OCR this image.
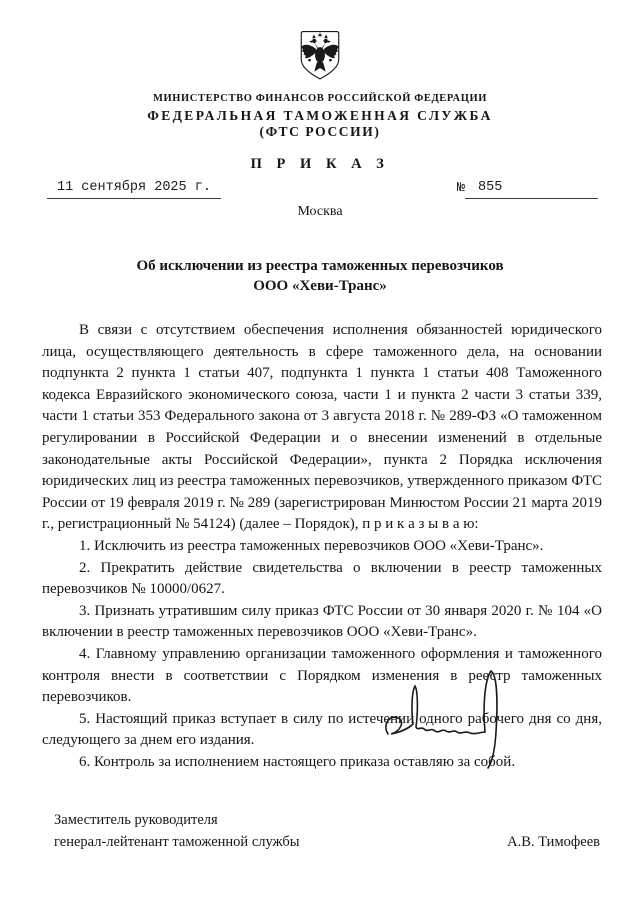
МИНИСТЕРСТВО ФИНАНСОВ РОССИЙСКОЙ ФЕДЕРАЦИИ
ФЕДЕРАЛЬНАЯ ТАМОЖЕННАЯ СЛУЖБА
(ФТС РОССИИ)
П Р И К А З
11 сентября 2025 г.	№ 855
Москва
Об исключении из реестра таможенных перевозчиков
ООО «Хеви-Транс»

В связи с отсутствием обеспечения исполнения обязанностей юридического лица, осуществляющего деятельность в сфере таможенного дела, на основании подпункта 2 пункта 1 статьи 407, подпункта 1 пункта 1 статьи 408 Таможенного кодекса Евразийского экономического союза, части 1 и пункта 2 части 3 статьи 339, части 1 статьи 353 Федерального закона от 3 августа 2018 г. № 289-ФЗ «О таможенном регулировании в Российской Федерации и о внесении изменений в отдельные законодательные акты Российской Федерации», пункта 2 Порядка исключения юридических лиц из реестра таможенных перевозчиков, утвержденного приказом ФТС России от 19 февраля 2019 г. № 289 (зарегистрирован Минюстом России 21 марта 2019 г., регистрационный № 54124) (далее – Порядок), п р и к а з ы в а ю:

1. Исключить из реестра таможенных перевозчиков ООО «Хеви-Транс».

2. Прекратить действие свидетельства о включении в реестр таможенных перевозчиков № 10000/0627.

3. Признать утратившим силу приказ ФТС России от 30 января 2020 г. № 104 «О включении в реестр таможенных перевозчиков ООО «Хеви-Транс».

4. Главному управлению организации таможенного оформления и таможенного контроля внести в соответствии с Порядком изменения в реестр таможенных перевозчиков.

5. Настоящий приказ вступает в силу по истечении одного рабочего дня со дня, следующего за днем его издания.

6. Контроль за исполнением настоящего приказа оставляю за собой.

Заместитель руководителя
генерал-лейтенант таможенной службы	А.В. Тимофеев
